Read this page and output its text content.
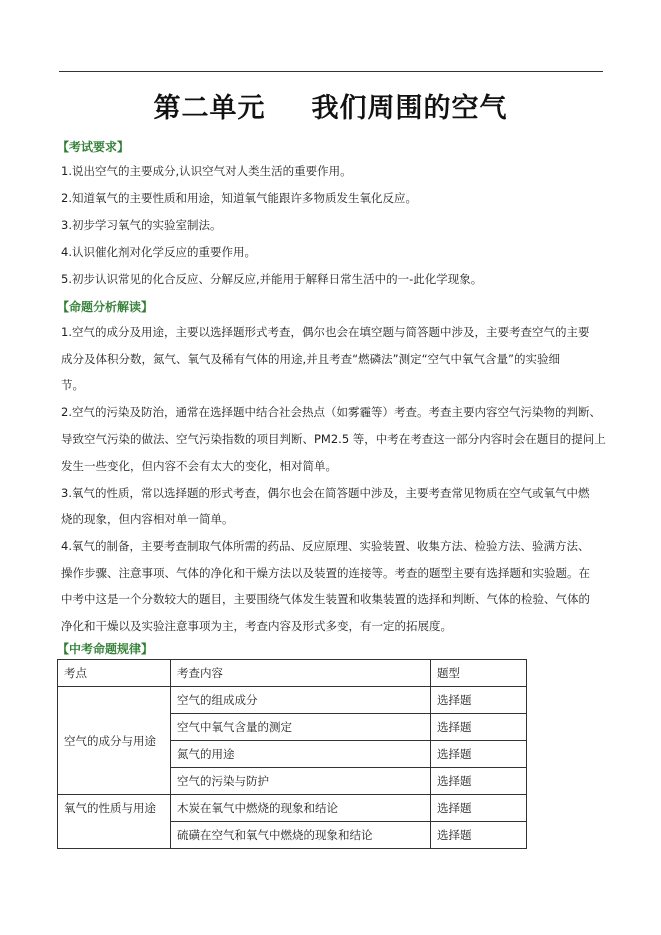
第二单元 我们周围的空气
【考试要求】
1.说出空气的主要成分,认识空气对人类生活的重要作用。
2.知道氧气的主要性质和用途，知道氧气能跟许多物质发生氧化反应。
3.初步学习氧气的实验室制法。
4.认识催化剂对化学反应的重要作用。
5.初步认识常见的化合反应、分解反应,并能用于解释日常生活中的一-此化学现象。
【命题分析解读】
1.空气的成分及用途，主要以选择题形式考查，偶尔也会在填空题与简答题中涉及，主要考查空气的主要
成分及体积分数，氮气、氧气及稀有气体的用途,并且考查“燃磷法”测定“空气中氧气含量”的实验细
节。
2.空气的污染及防治，通常在选择题中结合社会热点（如雾霾等）考查。考查主要内容空气污染物的判断、
导致空气污染的做法、空气污染指数的项目判断、PM2.5 等，中考在考查这一部分内容时会在题目的提问上
发生一些变化，但内容不会有太大的变化，相对简单。
3.氧气的性质，常以选择题的形式考查，偶尔也会在简答题中涉及，主要考查常见物质在空气或氧气中燃
烧的现象，但内容相对单一简单。
4.氧气的制备，主要考查制取气体所需的药品、反应原理、实验装置、收集方法、检验方法、验满方法、
操作步骤、注意事项、气体的净化和干燥方法以及装置的连接等。考查的题型主要有选择题和实验题。在
中考中这是一个分数较大的题目，主要围绕气体发生装置和收集装置的选择和判断、气体的检验、气体的
净化和干燥以及实验注意事项为主，考查内容及形式多变，有一定的拓展度。
【中考命题规律】
考点	考查内容	题型
空气的成分与用途	空气的组成成分	选择题
	空气中氧气含量的测定	选择题
	氮气的用途	选择题
	空气的污染与防护	选择题
氧气的性质与用途	木炭在氧气中燃烧的现象和结论	选择题
	硫磺在空气和氧气中燃烧的现象和结论	选择题
